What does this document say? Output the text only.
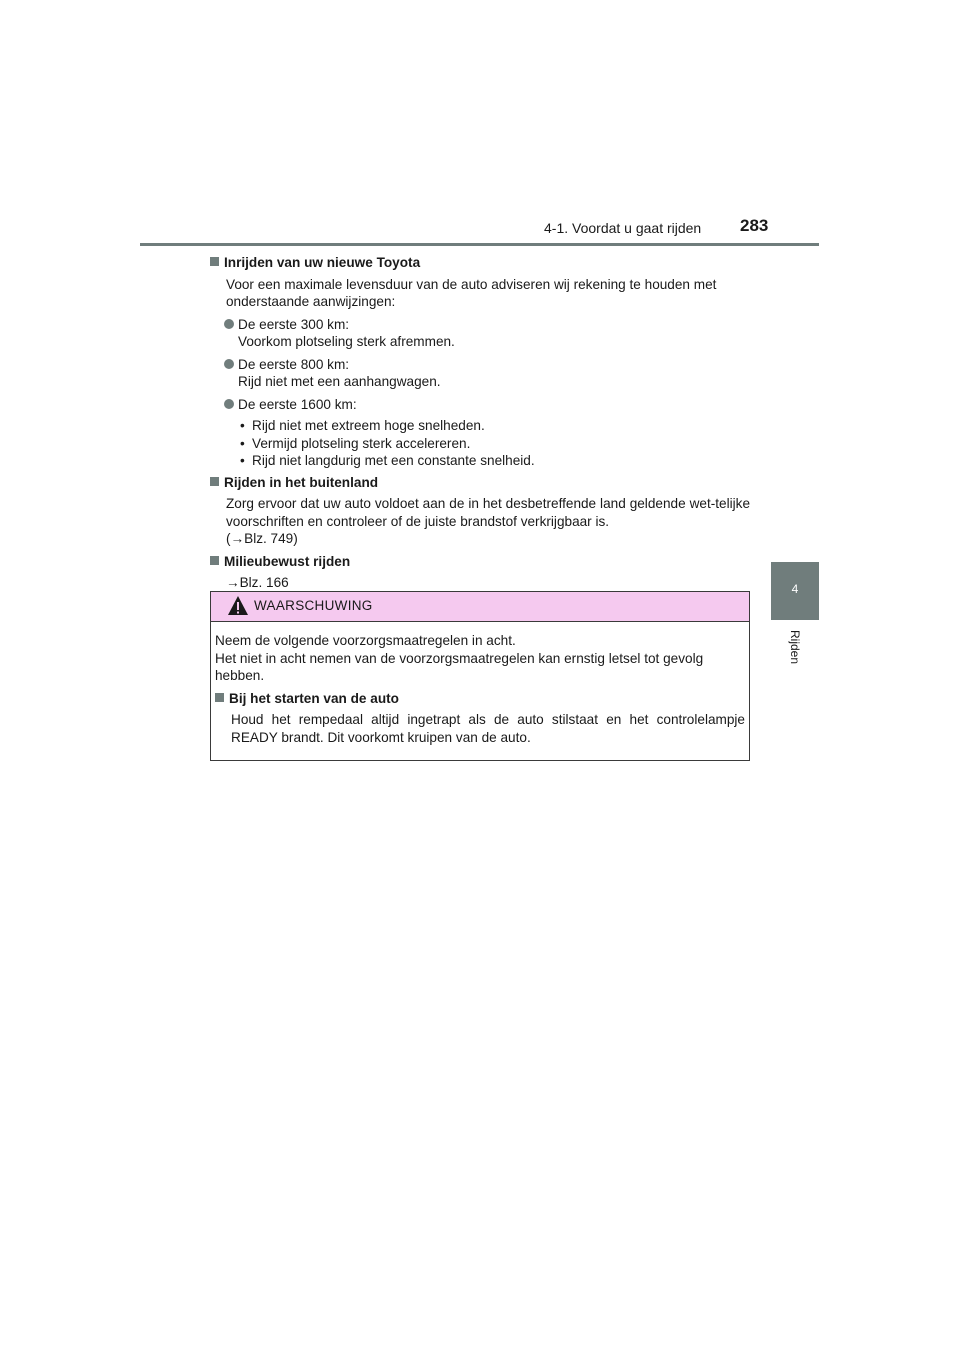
4-1. Voordat u gaat rijden 283
4
Rijden
Inrijden van uw nieuwe Toyota
Voor een maximale levensduur van de auto adviseren wij rekening te houden met onderstaande aanwijzingen:
De eerste 300 km:
Voorkom plotseling sterk afremmen.
De eerste 800 km:
Rijd niet met een aanhangwagen.
De eerste 1600 km:
• Rijd niet met extreem hoge snelheden.
• Vermijd plotseling sterk accelereren.
• Rijd niet langdurig met een constante snelheid.
Rijden in het buitenland
Zorg ervoor dat uw auto voldoet aan de in het desbetreffende land geldende wet-telijke voorschriften en controleer of de juiste brandstof verkrijgbaar is.
(→Blz. 749)
Milieubewust rijden
→Blz. 166
WAARSCHUWING
Neem de volgende voorzorgsmaatregelen in acht.
Het niet in acht nemen van de voorzorgsmaatregelen kan ernstig letsel tot gevolg hebben.
Bij het starten van de auto
Houd het rempedaal altijd ingetrapt als de auto stilstaat en het controlelampje READY brandt. Dit voorkomt kruipen van de auto.
